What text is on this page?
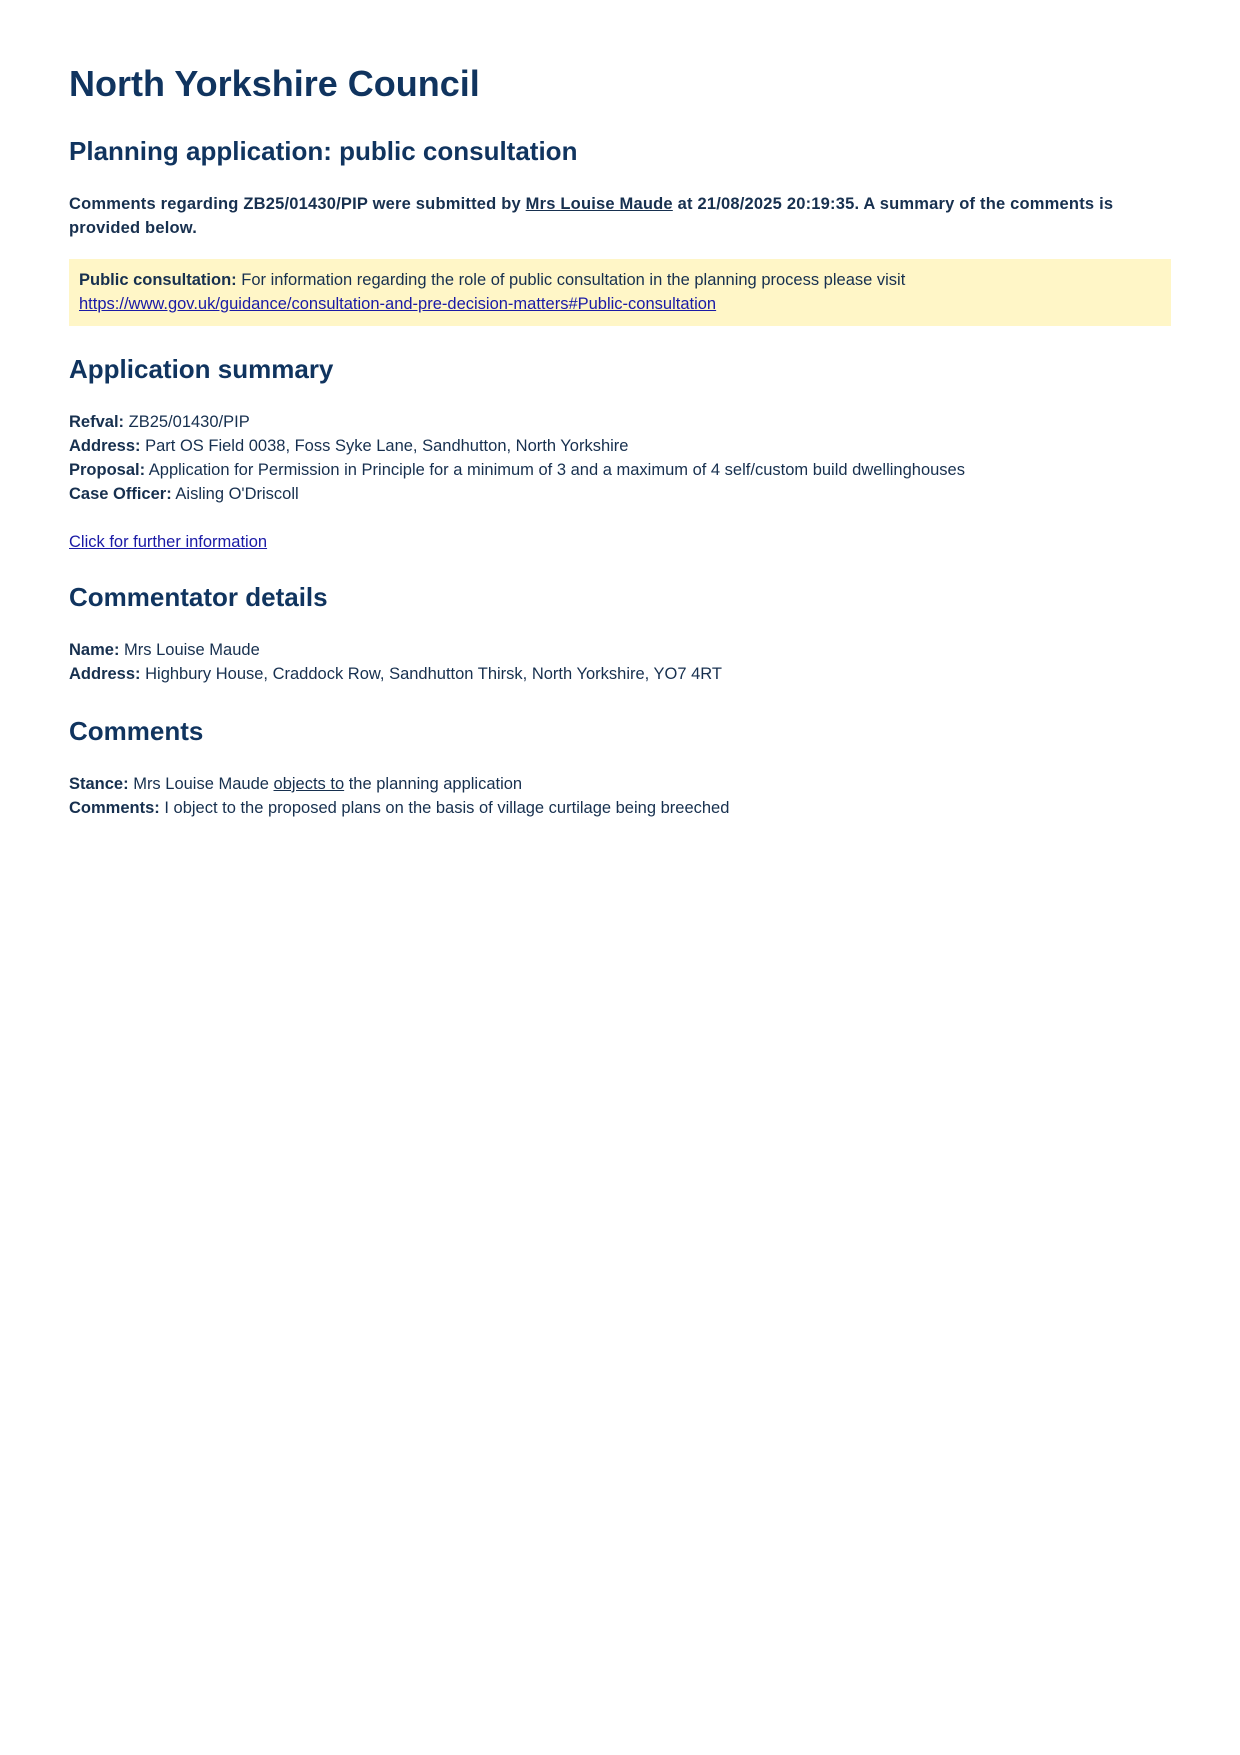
North Yorkshire Council
Planning application: public consultation

Comments regarding ZB25/01430/PIP were submitted by Mrs Louise Maude at 21/08/2025 20:19:35. A summary of the comments is provided below.

Public consultation: For information regarding the role of public consultation in the planning process please visit
https://www.gov.uk/guidance/consultation-and-pre-decision-matters#Public-consultation
Application summary
Refval: ZB25/01430/PIP
Address: Part OS Field 0038, Foss Syke Lane, Sandhutton, North Yorkshire
Proposal: Application for Permission in Principle for a minimum of 3 and a maximum of 4 self/custom build dwellinghouses
Case Officer: Aisling O'Driscoll
Click for further information
Commentator details
Name: Mrs Louise Maude
Address: Highbury House, Craddock Row, Sandhutton Thirsk, North Yorkshire, YO7 4RT
Comments
Stance: Mrs Louise Maude objects to the planning application
Comments: I object to the proposed plans on the basis of village curtilage being breeched
